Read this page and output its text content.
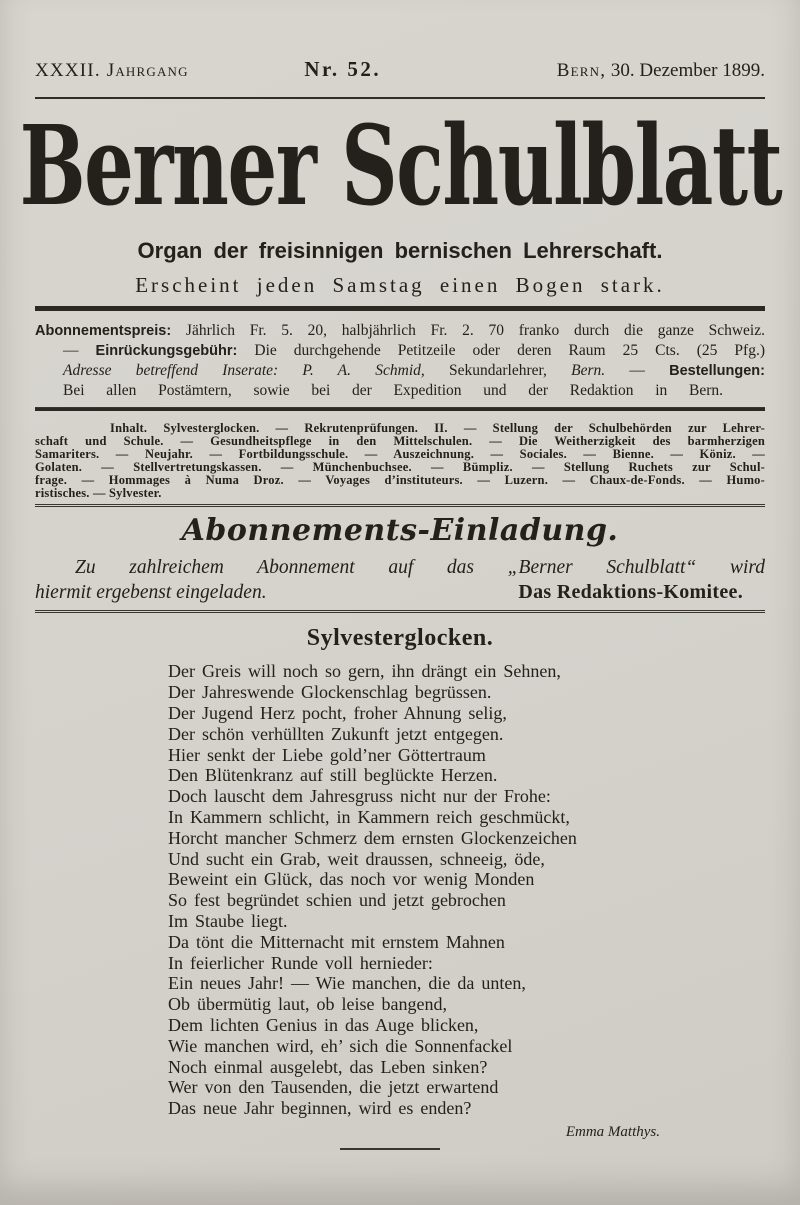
XXXII. Jahrgang	Nr. 52.	Bern, 30. Dezember 1899.
Berner Schulblatt
Organ der freisinnigen bernischen Lehrerschaft.
Erscheint jeden Samstag einen Bogen stark.
Abonnementspreis: Jährlich Fr. 5. 20, halbjährlich Fr. 2. 70 franko durch die ganze Schweiz.
— Einrückungsgebühr: Die durchgehende Petitzeile oder deren Raum 25 Cts. (25 Pfg.)
Adresse betreffend Inserate: P. A. Schmid, Sekundarlehrer, Bern. — Bestellungen:
Bei allen Postämtern, sowie bei der Expedition und der Redaktion in Bern.
Inhalt. Sylvesterglocken. — Rekrutenprüfungen. II. — Stellung der Schulbehörden zur Lehrer-
schaft und Schule. — Gesundheitspflege in den Mittelschulen. — Die Weitherzigkeit des barmherzigen
Samariters. — Neujahr. — Fortbildungsschule. — Auszeichnung. — Sociales. — Bienne. — Köniz. —
Golaten. — Stellvertretungskassen. — Münchenbuchsee. — Bümpliz. — Stellung Ruchets zur Schul-
frage. — Hommages à Numa Droz. — Voyages d’instituteurs. — Luzern. — Chaux-de-Fonds. — Humo-
ristisches. — Sylvester.
Abonnements-Einladung.
Zu zahlreichem Abonnement auf das „Berner Schulblatt“ wird
hiermit ergebenst eingeladen.	Das Redaktions-Komitee.
Sylvesterglocken.
Der Greis will noch so gern, ihn drängt ein Sehnen,
Der Jahreswende Glockenschlag begrüssen.
Der Jugend Herz pocht, froher Ahnung selig,
Der schön verhüllten Zukunft jetzt entgegen.
Hier senkt der Liebe gold’ner Göttertraum
Den Blütenkranz auf still beglückte Herzen.
Doch lauscht dem Jahresgruss nicht nur der Frohe:
In Kammern schlicht, in Kammern reich geschmückt,
Horcht mancher Schmerz dem ernsten Glockenzeichen
Und sucht ein Grab, weit draussen, schneeig, öde,
Beweint ein Glück, das noch vor wenig Monden
So fest begründet schien und jetzt gebrochen
Im Staube liegt.
Da tönt die Mitternacht mit ernstem Mahnen
In feierlicher Runde voll hernieder:
Ein neues Jahr! — Wie manchen, die da unten,
Ob übermütig laut, ob leise bangend,
Dem lichten Genius in das Auge blicken,
Wie manchen wird, eh’ sich die Sonnenfackel
Noch einmal ausgelebt, das Leben sinken?
Wer von den Tausenden, die jetzt erwartend
Das neue Jahr beginnen, wird es enden?
Emma Matthys.
